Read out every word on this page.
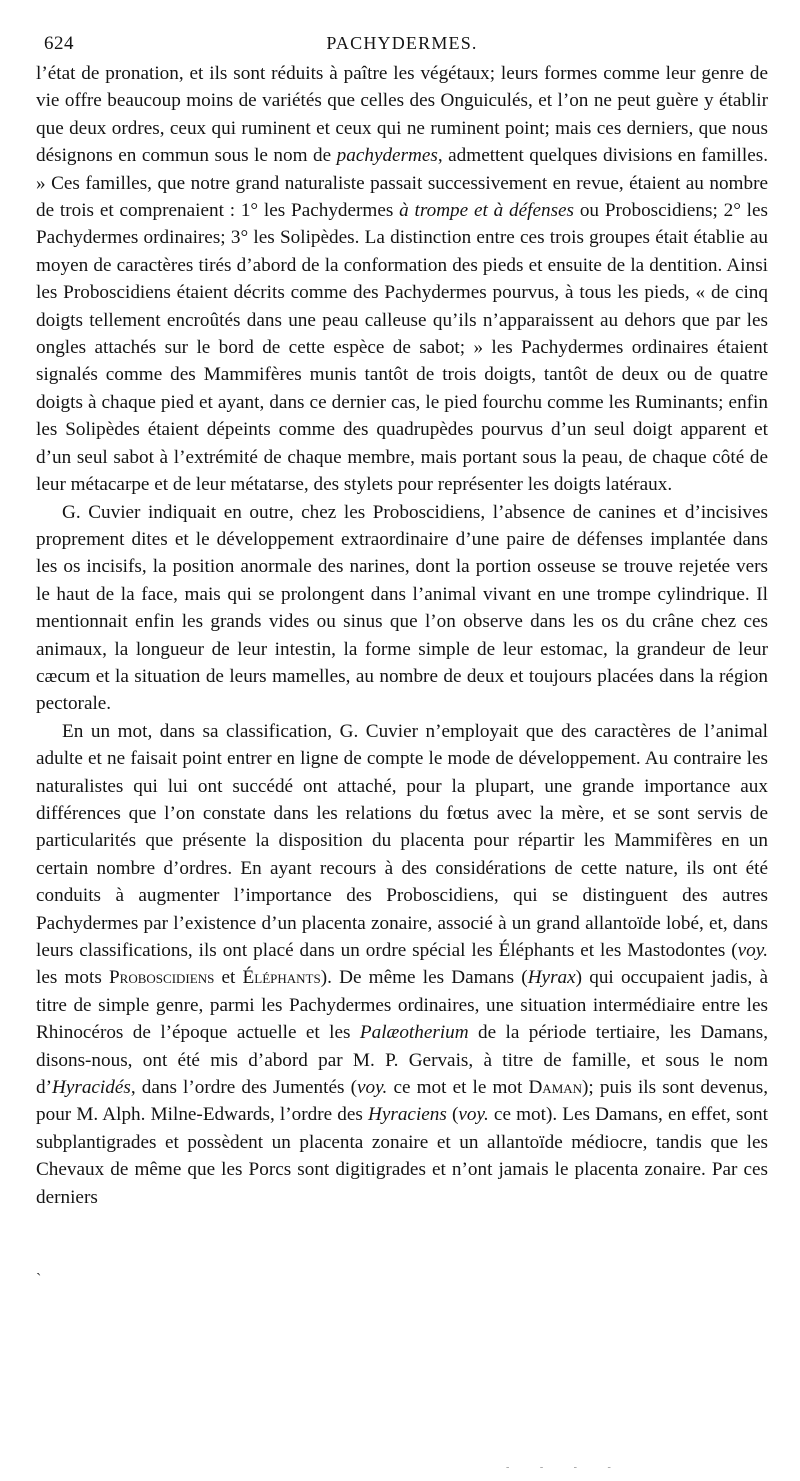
624	PACHYDERMES.

l’état de pronation, et ils sont réduits à paître les végétaux; leurs formes comme leur genre de vie offre beaucoup moins de variétés que celles des Onguiculés, et l’on ne peut guère y établir que deux ordres, ceux qui ruminent et ceux qui ne ruminent point; mais ces derniers, que nous désignons en commun sous le nom de pachydermes, admettent quelques divisions en familles. » Ces familles, que notre grand naturaliste passait successivement en revue, étaient au nombre de trois et comprenaient : 1° les Pachydermes à trompe et à défenses ou Proboscidiens; 2° les Pachydermes ordinaires; 3° les Solipèdes. La distinction entre ces trois groupes était établie au moyen de caractères tirés d’abord de la conformation des pieds et ensuite de la dentition. Ainsi les Proboscidiens étaient décrits comme des Pachydermes pourvus, à tous les pieds, « de cinq doigts tellement encroûtés dans une peau calleuse qu’ils n’apparaissent au dehors que par les ongles attachés sur le bord de cette espèce de sabot; » les Pachydermes ordinaires étaient signalés comme des Mammifères munis tantôt de trois doigts, tantôt de deux ou de quatre doigts à chaque pied et ayant, dans ce dernier cas, le pied fourchu comme les Ruminants; enfin les Solipèdes étaient dépeints comme des quadrupèdes pourvus d’un seul doigt apparent et d’un seul sabot à l’extrémité de chaque membre, mais portant sous la peau, de chaque côté de leur métacarpe et de leur métatarse, des stylets pour représenter les doigts latéraux.

G. Cuvier indiquait en outre, chez les Proboscidiens, l’absence de canines et d’incisives proprement dites et le développement extraordinaire d’une paire de défenses implantée dans les os incisifs, la position anormale des narines, dont la portion osseuse se trouve rejetée vers le haut de la face, mais qui se prolongent dans l’animal vivant en une trompe cylindrique. Il mentionnait enfin les grands vides ou sinus que l’on observe dans les os du crâne chez ces animaux, la longueur de leur intestin, la forme simple de leur estomac, la grandeur de leur cæcum et la situation de leurs mamelles, au nombre de deux et toujours placées dans la région pectorale.

En un mot, dans sa classification, G. Cuvier n’employait que des caractères de l’animal adulte et ne faisait point entrer en ligne de compte le mode de développement. Au contraire les naturalistes qui lui ont succédé ont attaché, pour la plupart, une grande importance aux différences que l’on constate dans les relations du fœtus avec la mère, et se sont servis de particularités que présente la disposition du placenta pour répartir les Mammifères en un certain nombre d’ordres. En ayant recours à des considérations de cette nature, ils ont été conduits à augmenter l’importance des Proboscidiens, qui se distinguent des autres Pachydermes par l’existence d’un placenta zonaire, associé à un grand allantoïde lobé, et, dans leurs classifications, ils ont placé dans un ordre spécial les Éléphants et les Mastodontes (voy. les mots Proboscidiens et Éléphants). De même les Damans (Hyrax) qui occupaient jadis, à titre de simple genre, parmi les Pachydermes ordinaires, une situation intermédiaire entre les Rhinocéros de l’époque actuelle et les Palæotherium de la période tertiaire, les Damans, disons-nous, ont été mis d’abord par M. P. Gervais, à titre de famille, et sous le nom d’Hyracidés, dans l’ordre des Jumentés (voy. ce mot et le mot Daman); puis ils sont devenus, pour M. Alph. Milne-Edwards, l’ordre des Hyraciens (voy. ce mot). Les Damans, en effet, sont subplantigrades et possèdent un placenta zonaire et un allantoïde médiocre, tandis que les Chevaux de même que les Porcs sont digitigrades et n’ont jamais le placenta zonaire. Par ces derniers

ˏ
- - - -
